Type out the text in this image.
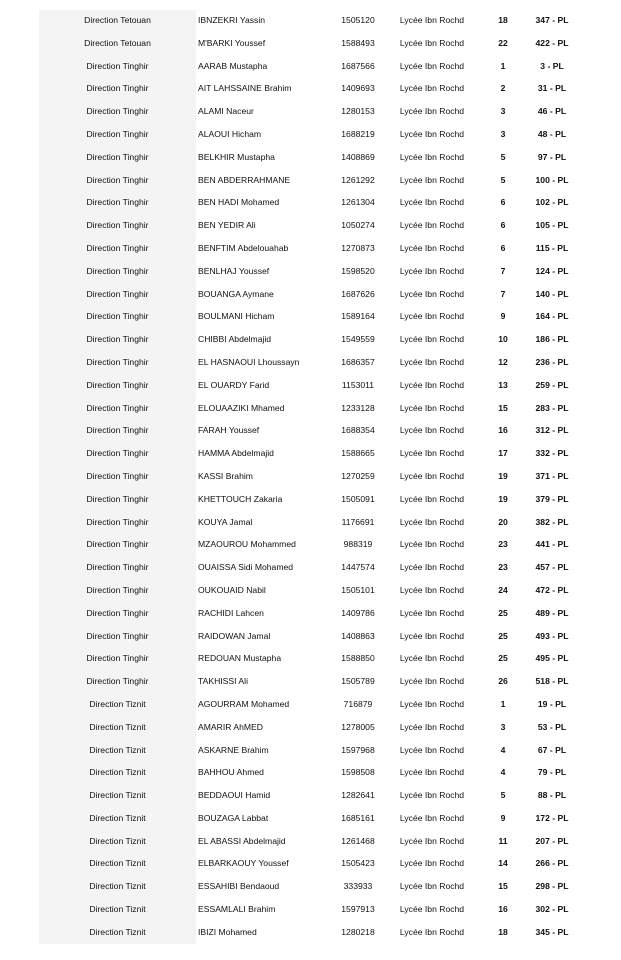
Direction Tetouan	IBNZEKRI Yassin	1505120	Lycée Ibn Rochd	18	347 - PL
Direction Tetouan	M'BARKI Youssef	1588493	Lycée Ibn Rochd	22	422 - PL
Direction Tinghir	AARAB Mustapha	1687566	Lycée Ibn Rochd	1	3 - PL
Direction Tinghir	AIT LAHSSAINE Brahim	1409693	Lycée Ibn Rochd	2	31 - PL
Direction Tinghir	ALAMI Naceur	1280153	Lycée Ibn Rochd	3	46 - PL
Direction Tinghir	ALAOUI Hicham	1688219	Lycée Ibn Rochd	3	48 - PL
Direction Tinghir	BELKHIR Mustapha	1408869	Lycée Ibn Rochd	5	97 - PL
Direction Tinghir	BEN ABDERRAHMANE	1261292	Lycée Ibn Rochd	5	100 - PL
Direction Tinghir	BEN HADI Mohamed	1261304	Lycée Ibn Rochd	6	102 - PL
Direction Tinghir	BEN YEDIR Ali	1050274	Lycée Ibn Rochd	6	105 - PL
Direction Tinghir	BENFTIM Abdelouahab	1270873	Lycée Ibn Rochd	6	115 - PL
Direction Tinghir	BENLHAJ Youssef	1598520	Lycée Ibn Rochd	7	124 - PL
Direction Tinghir	BOUANGA Aymane	1687626	Lycée Ibn Rochd	7	140 - PL
Direction Tinghir	BOULMANI Hicham	1589164	Lycée Ibn Rochd	9	164 - PL
Direction Tinghir	CHIBBI Abdelmajid	1549559	Lycée Ibn Rochd	10	186 - PL
Direction Tinghir	EL HASNAOUI Lhoussayn	1686357	Lycée Ibn Rochd	12	236 - PL
Direction Tinghir	EL OUARDY Farid	1153011	Lycée Ibn Rochd	13	259 - PL
Direction Tinghir	ELOUAAZIKI Mhamed	1233128	Lycée Ibn Rochd	15	283 - PL
Direction Tinghir	FARAH Youssef	1688354	Lycée Ibn Rochd	16	312 - PL
Direction Tinghir	HAMMA Abdelmajid	1588665	Lycée Ibn Rochd	17	332 - PL
Direction Tinghir	KASSI Brahim	1270259	Lycée Ibn Rochd	19	371 - PL
Direction Tinghir	KHETTOUCH Zakaria	1505091	Lycée Ibn Rochd	19	379 - PL
Direction Tinghir	KOUYA Jamal	1176691	Lycée Ibn Rochd	20	382 - PL
Direction Tinghir	MZAOUROU Mohammed	988319	Lycée Ibn Rochd	23	441 - PL
Direction Tinghir	OUAISSA Sidi Mohamed	1447574	Lycée Ibn Rochd	23	457 - PL
Direction Tinghir	OUKOUAID Nabil	1505101	Lycée Ibn Rochd	24	472 - PL
Direction Tinghir	RACHIDI Lahcen	1409786	Lycée Ibn Rochd	25	489 - PL
Direction Tinghir	RAIDOWAN Jamal	1408863	Lycée Ibn Rochd	25	493 - PL
Direction Tinghir	REDOUAN Mustapha	1588850	Lycée Ibn Rochd	25	495 - PL
Direction Tinghir	TAKHISSI Ali	1505789	Lycée Ibn Rochd	26	518 - PL
Direction Tiznit	AGOURRAM Mohamed	716879	Lycée Ibn Rochd	1	19 - PL
Direction Tiznit	AMARIR AhMED	1278005	Lycée Ibn Rochd	3	53 - PL
Direction Tiznit	ASKARNE Brahim	1597968	Lycée Ibn Rochd	4	67 - PL
Direction Tiznit	BAHHOU Ahmed	1598508	Lycée Ibn Rochd	4	79 - PL
Direction Tiznit	BEDDAOUI Hamid	1282641	Lycée Ibn Rochd	5	88 - PL
Direction Tiznit	BOUZAGA Labbat	1685161	Lycée Ibn Rochd	9	172 - PL
Direction Tiznit	EL ABASSI Abdelmajid	1261468	Lycée Ibn Rochd	11	207 - PL
Direction Tiznit	ELBARKAOUY Youssef	1505423	Lycée Ibn Rochd	14	266 - PL
Direction Tiznit	ESSAHIBI Bendaoud	333933	Lycée Ibn Rochd	15	298 - PL
Direction Tiznit	ESSAMLALI Brahim	1597913	Lycée Ibn Rochd	16	302 - PL
Direction Tiznit	IBIZI Mohamed	1280218	Lycée Ibn Rochd	18	345 - PL
